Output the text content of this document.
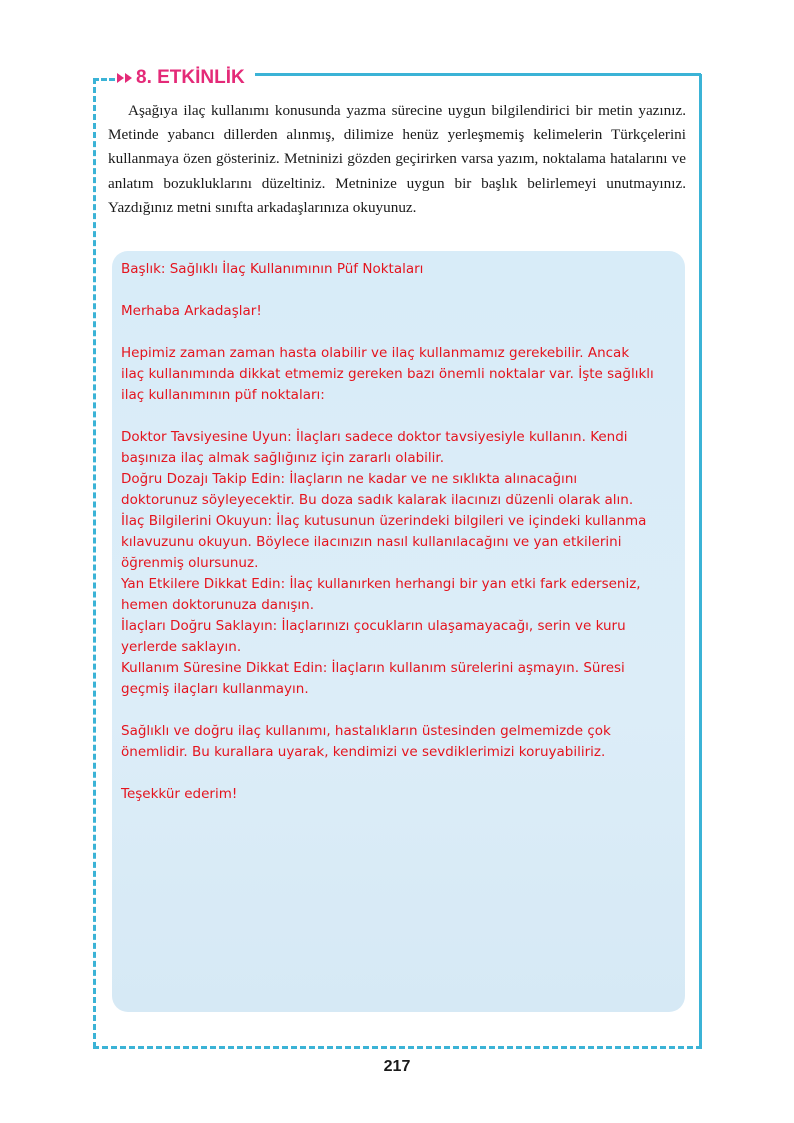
8. ETKİNLİK

Aşağıya ilaç kullanımı konusunda yazma sürecine uygun bilgilendirici bir metin yazınız. Metinde yabancı dillerden alınmış, dilimize henüz yerleşmemiş kelimelerin Türkçelerini kullanmaya özen gösteriniz. Metninizi gözden geçirirken varsa yazım, noktalama hatalarını ve anlatım bozukluklarını düzeltiniz. Metninize uygun bir başlık belirlemeyi unutmayınız. Yazdığınız metni sınıfta arkadaşlarınıza okuyunuz.

Başlık: Sağlıklı İlaç Kullanımının Püf Noktaları

Merhaba Arkadaşlar!

Hepimiz zaman zaman hasta olabilir ve ilaç kullanmamız gerekebilir. Ancak ilaç kullanımında dikkat etmemiz gereken bazı önemli noktalar var. İşte sağlıklı ilaç kullanımının püf noktaları:

Doktor Tavsiyesine Uyun: İlaçları sadece doktor tavsiyesiyle kullanın. Kendi başınıza ilaç almak sağlığınız için zararlı olabilir.

Doğru Dozajı Takip Edin: İlaçların ne kadar ve ne sıklıkta alınacağını doktorunuz söyleyecektir. Bu doza sadık kalarak ilacınızı düzenli olarak alın.

İlaç Bilgilerini Okuyun: İlaç kutusunun üzerindeki bilgileri ve içindeki kullanma kılavuzunu okuyun. Böylece ilacınızın nasıl kullanılacağını ve yan etkilerini öğrenmiş olursunuz.

Yan Etkilere Dikkat Edin: İlaç kullanırken herhangi bir yan etki fark ederseniz, hemen doktorunuza danışın.

İlaçları Doğru Saklayın: İlaçlarınızı çocukların ulaşamayacağı, serin ve kuru yerlerde saklayın.

Kullanım Süresine Dikkat Edin: İlaçların kullanım sürelerini aşmayın. Süresi geçmiş ilaçları kullanmayın.

Sağlıklı ve doğru ilaç kullanımı, hastalıkların üstesinden gelmemizde çok önemlidir. Bu kurallara uyarak, kendimizi ve sevdiklerimizi koruyabiliriz.

Teşekkür ederim!

217
